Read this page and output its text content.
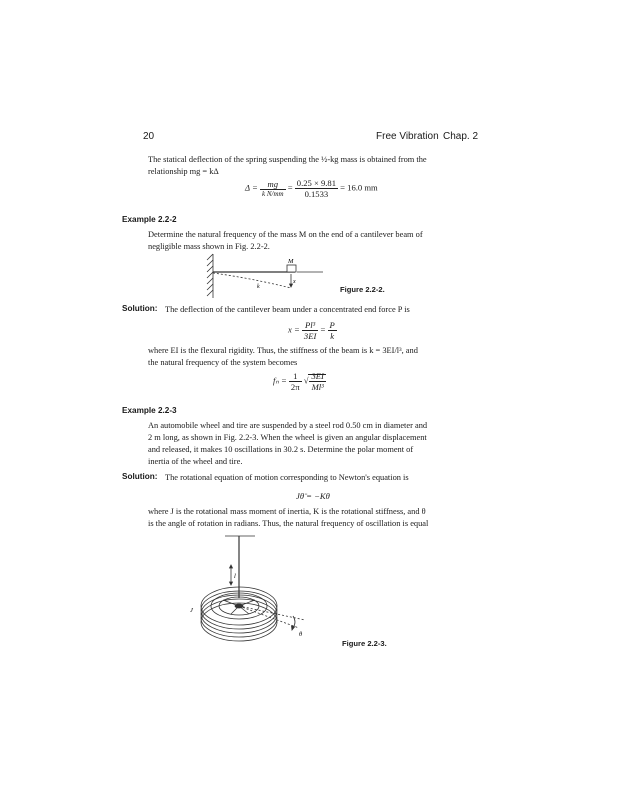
20	Free Vibration Chap. 2
The statical deflection of the spring suspending the ½-kg mass is obtained from the
relationship mg = kΔ
$\Delta = \frac{mg}{\text{k N/mm}} = \frac{0.25 \times 9.81}{0.1533} = 16.0$ mm
Example 2.2-2
Determine the natural frequency of the mass M on the end of a cantilever beam of
negligible mass shown in Fig. 2.2-2.
M
k
x
Figure 2.2-2.
Solution: The deflection of the cantilever beam under a concentrated end force P is
$x = \frac{\text{Pl³}}{3EI} = \frac{P}{k}$
where EI is the flexural rigidity. Thus, the stiffness of the beam is k = 3EI/l³, and
the natural frequency of the system becomes
$f_n = \frac{1}{2\pi}$ √ $\frac{3EI}{\text{Ml³}}$
Example 2.2-3
An automobile wheel and tire are suspended by a steel rod 0.50 cm in diameter and
2 m long, as shown in Fig. 2.2-3. When the wheel is given an angular displacement
and released, it makes 10 oscillations in 30.2 s. Determine the polar moment of
inertia of the wheel and tire.
Solution: The rotational equation of motion corresponding to Newton's equation is
Jθ̈ = −Kθ
where J is the rotational mass moment of inertia, K is the rotational stiffness, and θ
is the angle of rotation in radians. Thus, the natural frequency of oscillation is equal
J
l
θ
Figure 2.2-3.
